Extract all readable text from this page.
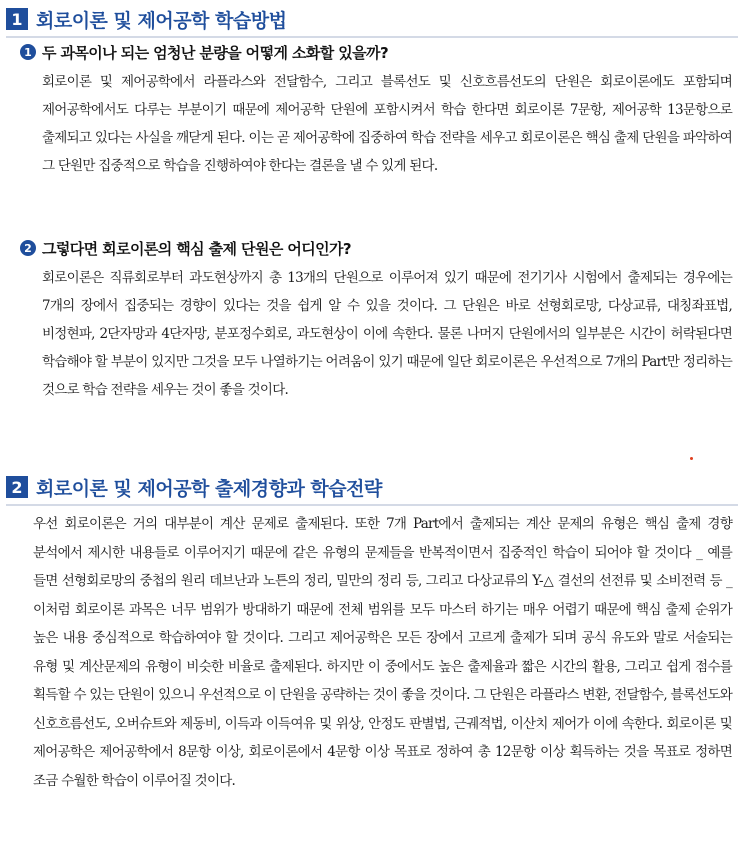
1 회로이론 및 제어공학 학습방법
1 두 과목이나 되는 엄청난 분량을 어떻게 소화할 있을까?

회로이론 및 제어공학에서 라플라스와 전달함수, 그리고 블록선도 및 신호흐름선도의 단원은 회로이론에도 포함되며 제어공학에서도 다루는 부분이기 때문에 제어공학 단원에 포함시켜서 학습 한다면 회로이론 7문항, 제어공학 13문항으로 출제되고 있다는 사실을 깨닫게 된다. 이는 곧 제어공학에 집중하여 학습 전략을 세우고 회로이론은 핵심 출제 단원을 파악하여 그 단원만 집중적으로 학습을 진행하여야 한다는 결론을 낼 수 있게 된다.

2 그렇다면 회로이론의 핵심 출제 단원은 어디인가?

회로이론은 직류회로부터 과도현상까지 총 13개의 단원으로 이루어져 있기 때문에 전기기사 시험에서 출제되는 경우에는 7개의 장에서 집중되는 경향이 있다는 것을 쉽게 알 수 있을 것이다. 그 단원은 바로 선형회로망, 다상교류, 대칭좌표법, 비정현파, 2단자망과 4단자망, 분포정수회로, 과도현상이 이에 속한다. 물론 나머지 단원에서의 일부분은 시간이 허락된다면 학습해야 할 부분이 있지만 그것을 모두 나열하기는 어려움이 있기 때문에 일단 회로이론은 우선적으로 7개의 Part만 정리하는 것으로 학습 전략을 세우는 것이 좋을 것이다.

2 회로이론 및 제어공학 출제경향과 학습전략

우선 회로이론은 거의 대부분이 계산 문제로 출제된다. 또한 7개 Part에서 출제되는 계산 문제의 유형은 핵심 출제 경향 분석에서 제시한 내용들로 이루어지기 때문에 같은 유형의 문제들을 반복적이면서 집중적인 학습이 되어야 할 것이다 _ 예를 들면 선형회로망의 중첩의 원리 데브난과 노튼의 정리, 밀만의 정리 등, 그리고 다상교류의 Y-△ 결선의 선전류 및 소비전력 등 _ 이처럼 회로이론 과목은 너무 범위가 방대하기 때문에 전체 범위를 모두 마스터 하기는 매우 어렵기 때문에 핵심 출제 순위가 높은 내용 중심적으로 학습하여야 할 것이다. 그리고 제어공학은 모든 장에서 고르게 출제가 되며 공식 유도와 말로 서술되는 유형 및 계산문제의 유형이 비슷한 비율로 출제된다. 하지만 이 중에서도 높은 출제율과 짧은 시간의 활용, 그리고 쉽게 점수를 획득할 수 있는 단원이 있으니 우선적으로 이 단원을 공략하는 것이 좋을 것이다. 그 단원은 라플라스 변환, 전달함수, 블록선도와 신호흐름선도, 오버슈트와 제동비, 이득과 이득여유 및 위상, 안정도 판별법, 근궤적법, 이산치 제어가 이에 속한다. 회로이론 및 제어공학은 제어공학에서 8문항 이상, 회로이론에서 4문항 이상 목표로 정하여 총 12문항 이상 획득하는 것을 목표로 정하면 조금 수월한 학습이 이루어질 것이다.
